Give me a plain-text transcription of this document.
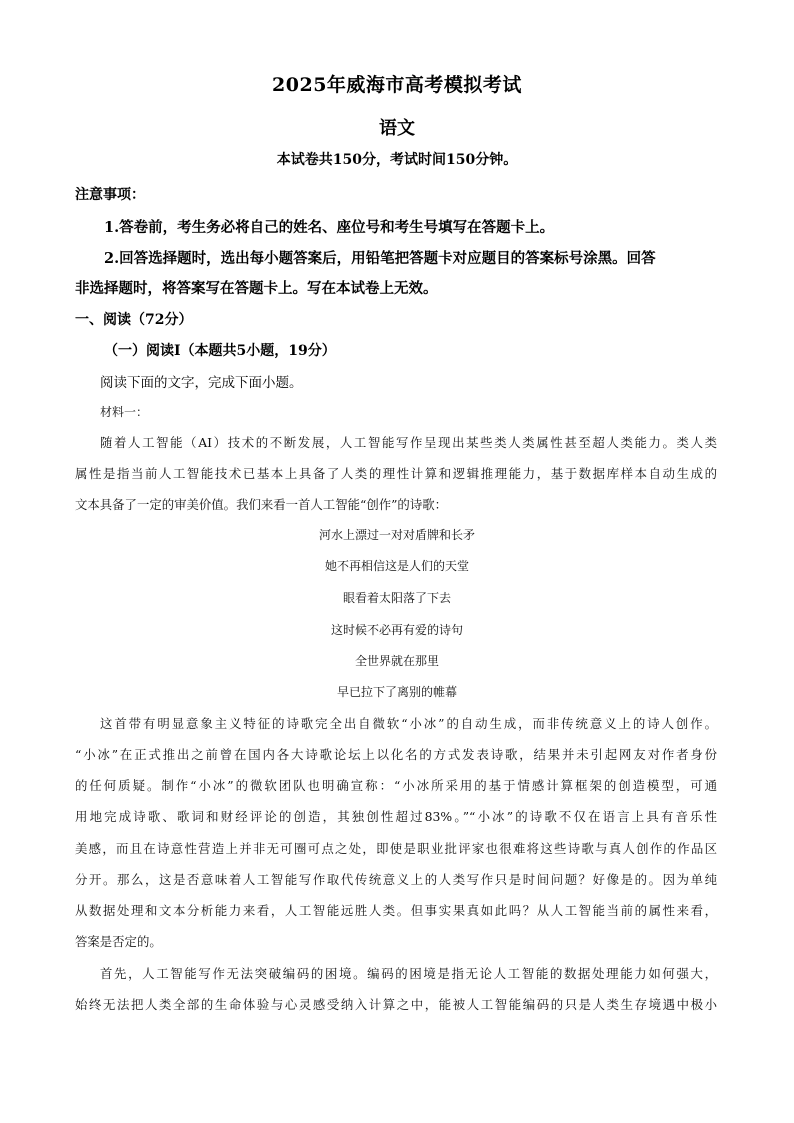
2025年威海市高考模拟考试
语文
本试卷共150分，考试时间150分钟。
注意事项：
1.答卷前，考生务必将自己的姓名、座位号和考生号填写在答题卡上。
2.回答选择题时，选出每小题答案后，用铅笔把答题卡对应题目的答案标号涂黑。回答
非选择题时，将答案写在答题卡上。写在本试卷上无效。
一、阅读（72分）
（一）阅读Ⅰ（本题共5小题，19分）
阅读下面的文字，完成下面小题。
材料一：
随着人工智能（AI）技术的不断发展，人工智能写作呈现出某些类人类属性甚至超人类能力。类人类
属性是指当前人工智能技术已基本上具备了人类的理性计算和逻辑推理能力，基于数据库样本自动生成的
文本具备了一定的审美价值。我们来看一首人工智能“创作”的诗歌：
河水上漂过一对对盾牌和长矛
她不再相信这是人们的天堂
眼看着太阳落了下去
这时候不必再有爱的诗句
全世界就在那里
早已拉下了离别的帷幕
这首带有明显意象主义特征的诗歌完全出自微软“小冰”的自动生成，而非传统意义上的诗人创作。
“小冰”在正式推出之前曾在国内各大诗歌论坛上以化名的方式发表诗歌，结果并未引起网友对作者身份
的任何质疑。制作“小冰”的微软团队也明确宣称：“小冰所采用的基于情感计算框架的创造模型，可通
用地完成诗歌、歌词和财经评论的创造，其独创性超过83%。”“小冰”的诗歌不仅在语言上具有音乐性
美感，而且在诗意性营造上并非无可圈可点之处，即使是职业批评家也很难将这些诗歌与真人创作的作品区
分开。那么，这是否意味着人工智能写作取代传统意义上的人类写作只是时间问题？好像是的。因为单纯
从数据处理和文本分析能力来看，人工智能远胜人类。但事实果真如此吗？从人工智能当前的属性来看，
答案是否定的。
首先，人工智能写作无法突破编码的困境。编码的困境是指无论人工智能的数据处理能力如何强大，
始终无法把人类全部的生命体验与心灵感受纳入计算之中，能被人工智能编码的只是人类生存境遇中极小
